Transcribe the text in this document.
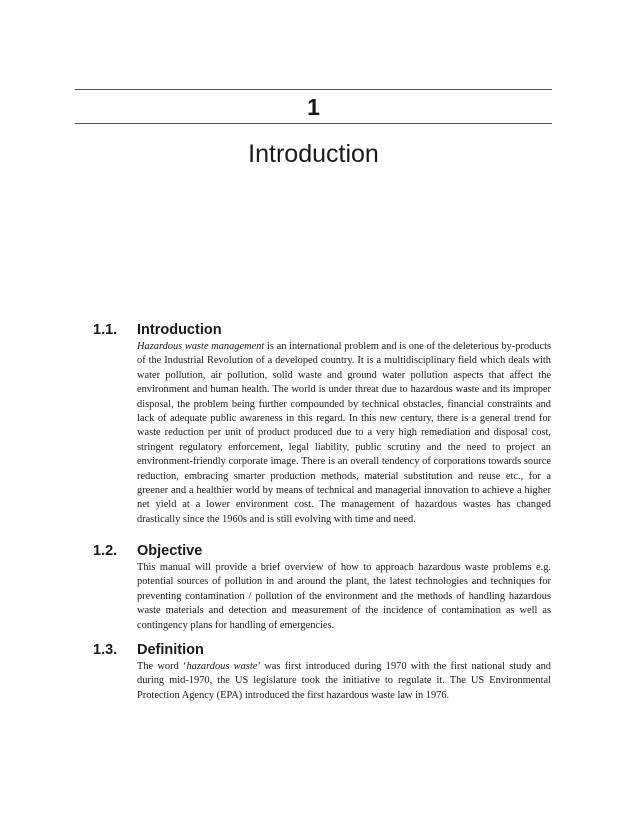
1
Introduction
1.1. Introduction

Hazardous waste management is an international problem and is one of the deleterious by-products of the Industrial Revolution of a developed country. It is a multidisciplinary field which deals with water pollution, air pollution, solid waste and ground water pollution aspects that affect the environment and human health. The world is under threat due to hazardous waste and its improper disposal, the problem being further compounded by technical obstacles, financial constraints and lack of adequate public awareness in this regard. In this new century, there is a general trend for waste reduction per unit of product produced due to a very high remediation and disposal cost, stringent regulatory enforcement, legal liability, public scrutiny and the need to project an environment-friendly corporate image. There is an overall tendency of corporations towards source reduction, embracing smarter production methods, material substitution and reuse etc., for a greener and a healthier world by means of technical and managerial innovation to achieve a higher net yield at a lower environment cost. The management of hazardous wastes has changed drastically since the 1960s and is still evolving with time and need.

1.2. Objective

This manual will provide a brief overview of how to approach hazardous waste problems e.g. potential sources of pollution in and around the plant, the latest technologies and techniques for preventing contamination / pollution of the environment and the methods of handling hazardous waste materials and detection and measurement of the incidence of contamination as well as contingency plans for handling of emergencies.

1.3. Definition

The word ‘hazardous waste’ was first introduced during 1970 with the first national study and during mid-1970, the US legislature took the initiative to regulate it. The US Environmental Protection Agency (EPA) introduced the first hazardous waste law in 1976.
